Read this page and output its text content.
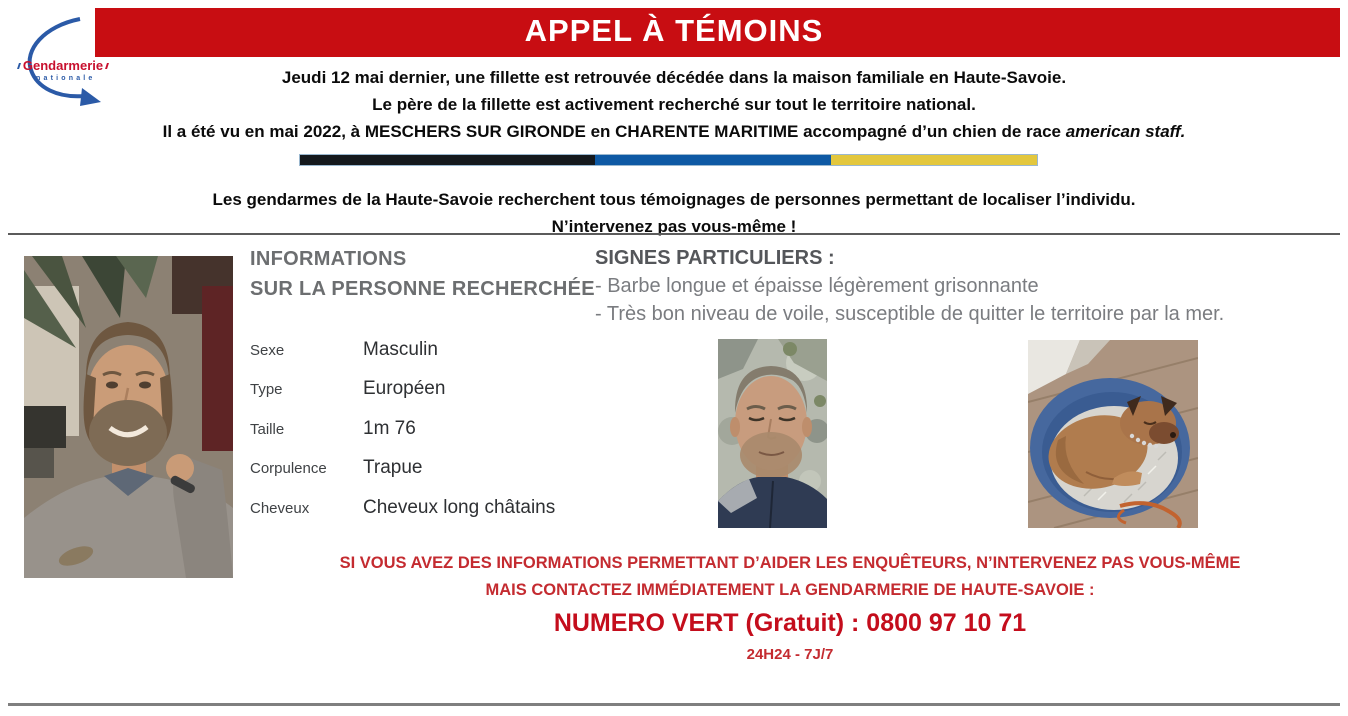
Gendarmerie
nationale
APPEL À TÉMOINS

Jeudi 12 mai dernier, une fillette est retrouvée décédée dans la maison familiale en Haute-Savoie.

Le père de la fillette est activement recherché sur tout le territoire national.

Il a été vu en mai 2022, à MESCHERS SUR GIRONDE en CHARENTE MARITIME accompagné d’un chien de race american staff.

Les gendarmes de la Haute-Savoie recherchent tous témoignages de personnes permettant de localiser l’individu.

N’intervenez pas vous-même !

INFORMATIONS
SUR LA PERSONNE RECHERCHÉE
Sexe	Masculin
Type	Européen
Taille	1m 76
Corpulence	Trapue
Cheveux	Cheveux long châtains
SIGNES PARTICULIERS :
- Barbe longue et épaisse légèrement grisonnante
- Très bon niveau de voile, susceptible de quitter le territoire par la mer.

SI VOUS AVEZ DES INFORMATIONS PERMETTANT D’AIDER LES ENQUÊTEURS, N’INTERVENEZ PAS VOUS-MÊME

MAIS CONTACTEZ IMMÉDIATEMENT LA GENDARMERIE DE HAUTE-SAVOIE :

NUMERO VERT (Gratuit) : 0800 97 10 71

24H24 - 7J/7
